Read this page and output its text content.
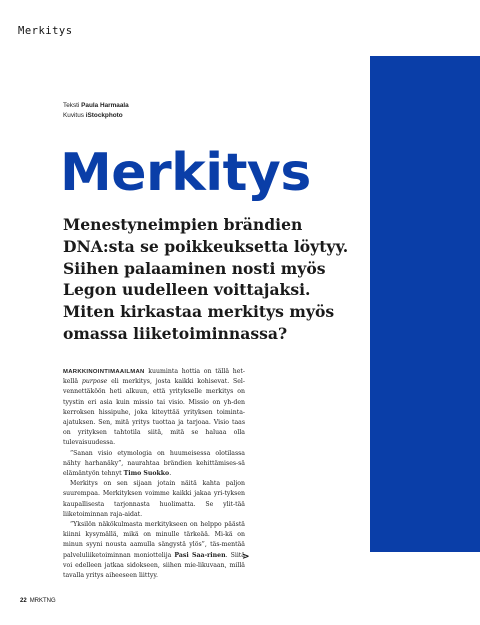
Merkitys
Teksti Paula Harmaala
Kuvitus iStockphoto
Merkitys
Menestyneimpien brändien
DNA:sta se poikkeuksetta löytyy.
Siihen palaaminen nosti myös
Legon uudelleen voittajaksi.
Miten kirkastaa merkitys myös
omassa liiketoiminnassa?

MARKKINOINTIMAAILMAN kuuminta hottia on tällä het-kellä purpose eli merkitys, josta kaikki kohisevat. Sel-vennettäköön heti alkuun, että yritykselle merkitys on tyystin eri asia kuin missio tai visio. Missio on yh-den kerroksen hissipuhe, joka kiteyttää yrityksen toiminta-ajatuksen. Sen, mitä yritys tuottaa ja tarjoaa. Visio taas on yrityksen tahtotila siitä, mitä se haluaa olla tulevaisuudessa.

”Sanan visio etymologia on huumeisessa olotilassa nähty harhanäky”, naurahtaa brändien kehittämises-sä elämäntyön tehnyt Timo Suokko.

Merkitys on sen sijaan jotain näitä kahta paljon suurempaa. Merkityksen voimme kaikki jakaa yri-tyksen kaupallisesta tarjonnasta huolimatta. Se ylit-tää liiketoiminnan raja-aidat.

”Yksilön näkökulmasta merkitykseen on helppo päästä kiinni kysymällä, mikä on minulle tärkeää. Mi-kä on minun syyni nousta aamulla sängystä ylös”, täs-mentää palveluliiketoiminnan moniottelija Pasi Saa-rinen. Siitä voi edelleen jatkaa sidokseen, siihen mie-likuvaan, millä tavalla yritys aiheeseen liittyy.

>
22 MRKTNG
